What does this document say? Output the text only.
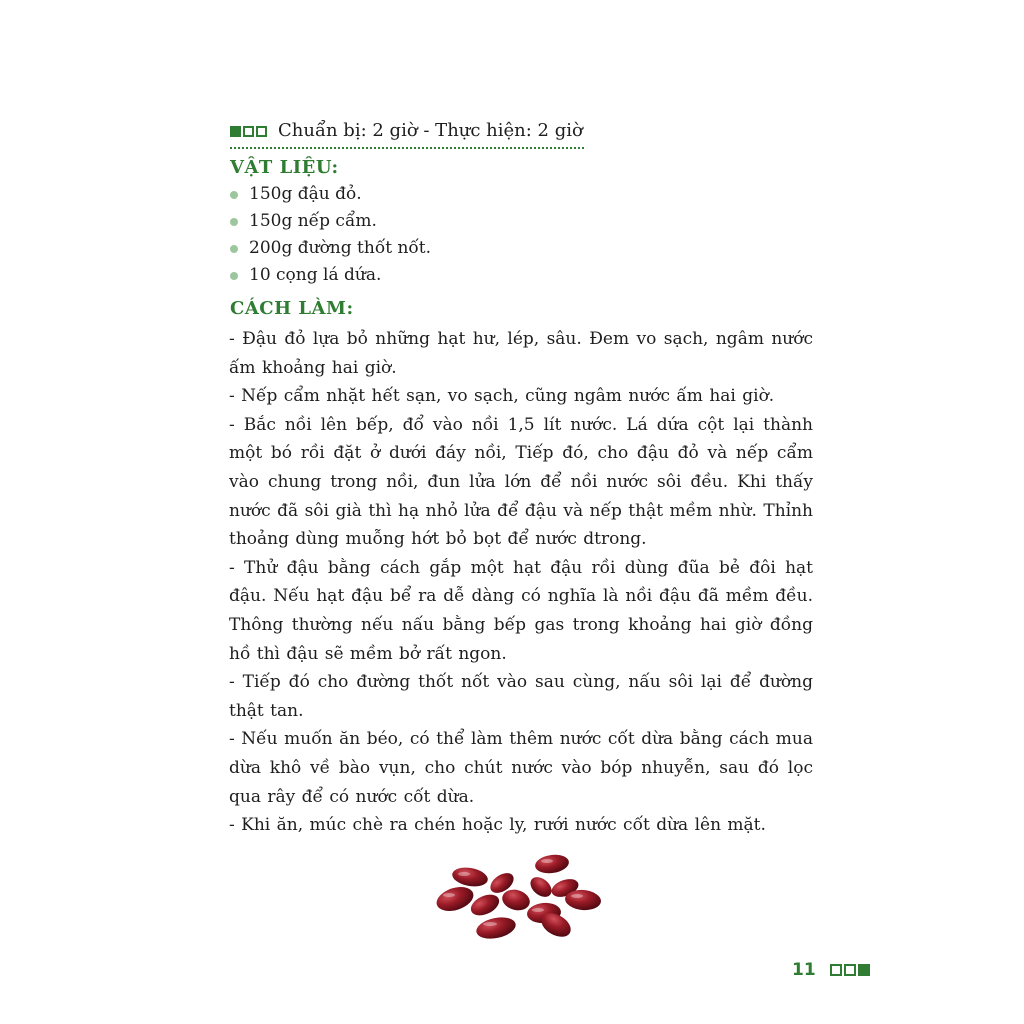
Chuẩn bị: 2 giờ - Thực hiện: 2 giờ
VẬT LIỆU:
150g đậu đỏ.
150g nếp cẩm.
200g đường thốt nốt.
10 cọng lá dứa.
CÁCH LÀM:

- Đậu đỏ lựa bỏ những hạt hư, lép, sâu. Đem vo sạch, ngâm nước ấm khoảng hai giờ.

- Nếp cẩm nhặt hết sạn, vo sạch, cũng ngâm nước ấm hai giờ.

- Bắc nồi lên bếp, đổ vào nồi 1,5 lít nước. Lá dứa cột lại thành một bó rồi đặt ở dưới đáy nồi, Tiếp đó, cho đậu đỏ và nếp cẩm vào chung trong nồi, đun lửa lớn để nồi nước sôi đều. Khi thấy nước đã sôi già thì hạ nhỏ lửa để đậu và nếp thật mềm nhừ. Thỉnh thoảng dùng muỗng hớt bỏ bọt để nước dtrong.

- Thử đậu bằng cách gắp một hạt đậu rồi dùng đũa bẻ đôi hạt đậu. Nếu hạt đậu bể ra dễ dàng có nghĩa là nồi đậu đã mềm đều. Thông thường nếu nấu bằng bếp gas trong khoảng hai giờ đồng hồ thì đậu sẽ mềm bở rất ngon.

- Tiếp đó cho đường thốt nốt vào sau cùng, nấu sôi lại để đường thật tan.

- Nếu muốn ăn béo, có thể làm thêm nước cốt dừa bằng cách mua dừa khô về bào vụn, cho chút nước vào bóp nhuyễn, sau đó lọc qua rây để có nước cốt dừa.

- Khi ăn, múc chè ra chén hoặc ly, rưới nước cốt dừa lên mặt.

11
